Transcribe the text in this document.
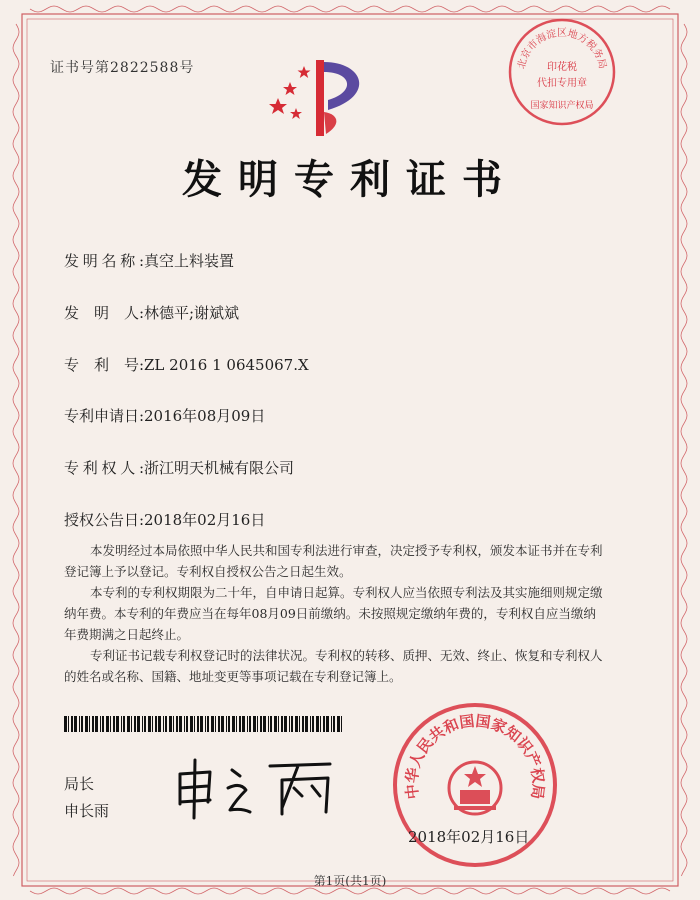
证书号第2822588号	北京市海淀区地方税务局
印花税
代扣专用章
国家知识产权局
发明专利证书
发明名称:真空上料装置
发　明　人:林德平;谢斌斌
专　利　号:ZL 2016 1 0645067.X
专利申请日:2016年08月09日
专利权人:浙江明天机械有限公司
授权公告日:2018年02月16日

本发明经过本局依照中华人民共和国专利法进行审查，决定授予专利权，颁发本证书并在专利登记簿上予以登记。专利权自授权公告之日起生效。

本专利的专利权期限为二十年，自申请日起算。专利权人应当依照专利法及其实施细则规定缴纳年费。本专利的年费应当在每年08月09日前缴纳。未按照规定缴纳年费的，专利权自应当缴纳年费期满之日起终止。

专利证书记载专利权登记时的法律状况。专利权的转移、质押、无效、终止、恢复和专利权人的姓名或名称、国籍、地址变更等事项记载在专利登记簿上。

局长
申长雨
中华人民共和国国家知识产权局
2018年02月16日
第1页(共1页)
